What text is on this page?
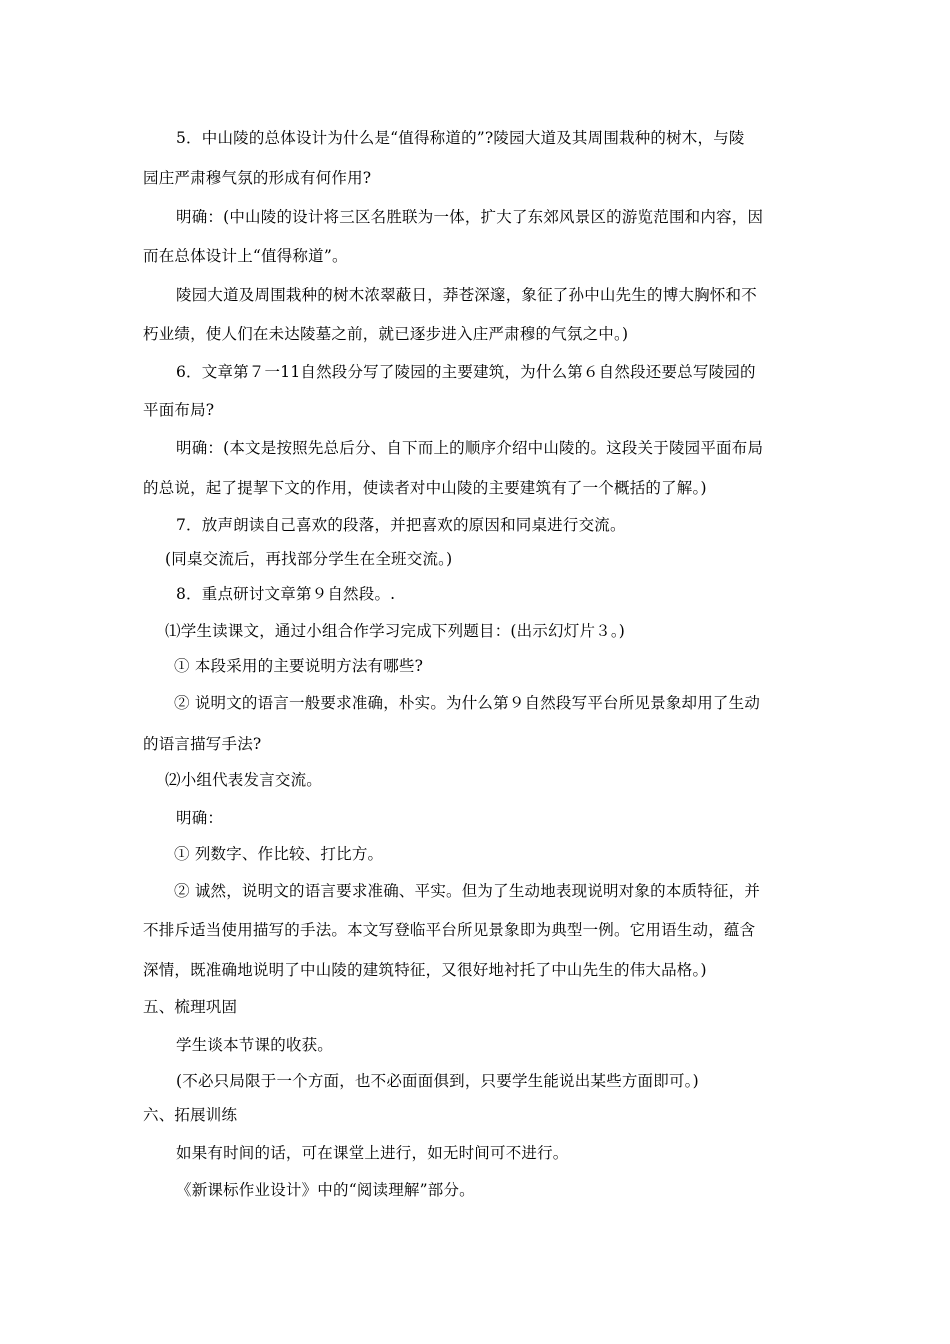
5．中山陵的总体设计为什么是“值得称道的”?陵园大道及其周围栽种的树木，与陵
园庄严肃穆气氛的形成有何作用?
明确：(中山陵的设计将三区名胜联为一体，扩大了东郊风景区的游览范围和内容，因
而在总体设计上“值得称道”。
陵园大道及周围栽种的树木浓翠蔽日，莽苍深邃，象征了孙中山先生的博大胸怀和不
朽业绩，使人们在未达陵墓之前，就已逐步进入庄严肃穆的气氛之中。)
6．文章第７一11自然段分写了陵园的主要建筑，为什么第６自然段还要总写陵园的
平面布局?
明确：(本文是按照先总后分、自下而上的顺序介绍中山陵的。这段关于陵园平面布局
的总说，起了提挈下文的作用，使读者对中山陵的主要建筑有了一个概括的了解。)
7．放声朗读自己喜欢的段落，并把喜欢的原因和同桌进行交流。
(同桌交流后，再找部分学生在全班交流。)
8．重点研讨文章第９自然段。.
⑴学生读课文，通过小组合作学习完成下列题目：(出示幻灯片３。)
① 本段采用的主要说明方法有哪些?
② 说明文的语言一般要求准确，朴实。为什么第９自然段写平台所见景象却用了生动
的语言描写手法?
⑵小组代表发言交流。
明确：
① 列数字、作比较、打比方。
② 诚然，说明文的语言要求准确、平实。但为了生动地表现说明对象的本质特征，并
不排斥适当使用描写的手法。本文写登临平台所见景象即为典型一例。它用语生动，蕴含
深情，既准确地说明了中山陵的建筑特征，又很好地衬托了中山先生的伟大品格。)
五、梳理巩固
学生谈本节课的收获。
(不必只局限于一个方面，也不必面面俱到，只要学生能说出某些方面即可。)
六、拓展训练
如果有时间的话，可在课堂上进行，如无时间可不进行。
《新课标作业设计》中的“阅读理解”部分。
